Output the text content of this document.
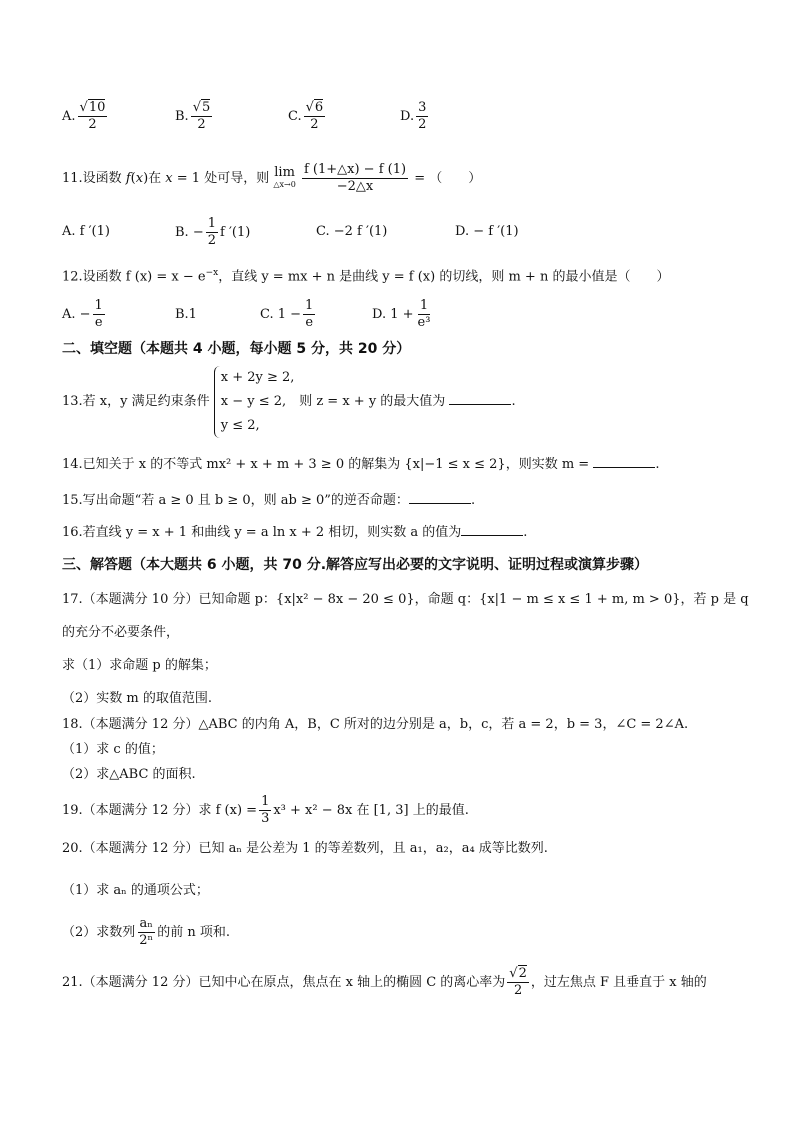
A. $\frac{√10}{2}$	B. $\frac{√5}{2}$	C. $\frac{√6}{2}$	D. $\frac{3}{2}$
11.设函数 f(x)在 x = 1 处可导，则 lim
△x→0
$\frac{f (1+\triangle x) - f (1)}{-2\triangle x}$ = （　　）
A. f ′(1)	B. − $\frac{1}{2}$ f ′(1)	C. −2 f ′(1)	D. − f ′(1)
12.设函数 f $(x) = x - e^{-x}$，直线 y = mx + n 是曲线 y = f (x) 的切线，则 m + n 的最小值是（　　）
A. − $\frac{1}{e}$	B.1	C. $1 - \frac{1}{e}$	D. $1 + \frac{1}{\text{e³}}$
二、填空题（本题共 4 小题，每小题 5 分，共 20 分）
13.若 x，y 满足约束条件
x + 2y ≥ 2,
x − y ≤ 2,　 则 z = x + y 的最大值为	.
y ≤ 2,
14.已知关于 x 的不等式 mx² + x + m + 3 ≥ 0 的解集为 {x|−1 ≤ x ≤ 2}，则实数 m =	.
15.写出命题“若 a ≥ 0 且 b ≥ 0，则 ab ≥ 0”的逆否命题：	.
16.若直线 y = x + 1 和曲线 y = a ln x + 2 相切，则实数 a 的值为	.
三、解答题（本大题共 6 小题，共 70 分.解答应写出必要的文字说明、证明过程或演算步骤）
17.（本题满分 10 分）已知命题 p：{x|x² − 8x − 20 ≤ 0}，命题 q：{x|1 − m ≤ x ≤ 1 + m, m > 0}，若 p 是 q
的充分不必要条件，
求（1）求命题 p 的解集；
（2）实数 m 的取值范围.
18.（本题满分 12 分）△ABC 的内角 A，B，C 所对的边分别是 a，b，c，若 a = 2，b = 3，∠C = 2∠A.
（1）求 c 的值；
（2）求△ABC 的面积.
19.（本题满分 12 分）求 f $(x) = \frac{1}{3} x^3 + x^2 - 8x$ 在 [1, 3] 上的最值.
20.（本题满分 12 分）已知 aₙ 是公差为 1 的等差数列，且 a₁，a₂，a₄ 成等比数列.
（1）求 aₙ 的通项公式；
（2）求数列 $\frac{\text{aₙ}}{\text{2ⁿ}}$ 的前 n 项和.
21.（本题满分 12 分）已知中心在原点，焦点在 x 轴上的椭圆 C 的离心率为 $\frac{√2}{2}$ ，过左焦点 F 且垂直于 x 轴的
